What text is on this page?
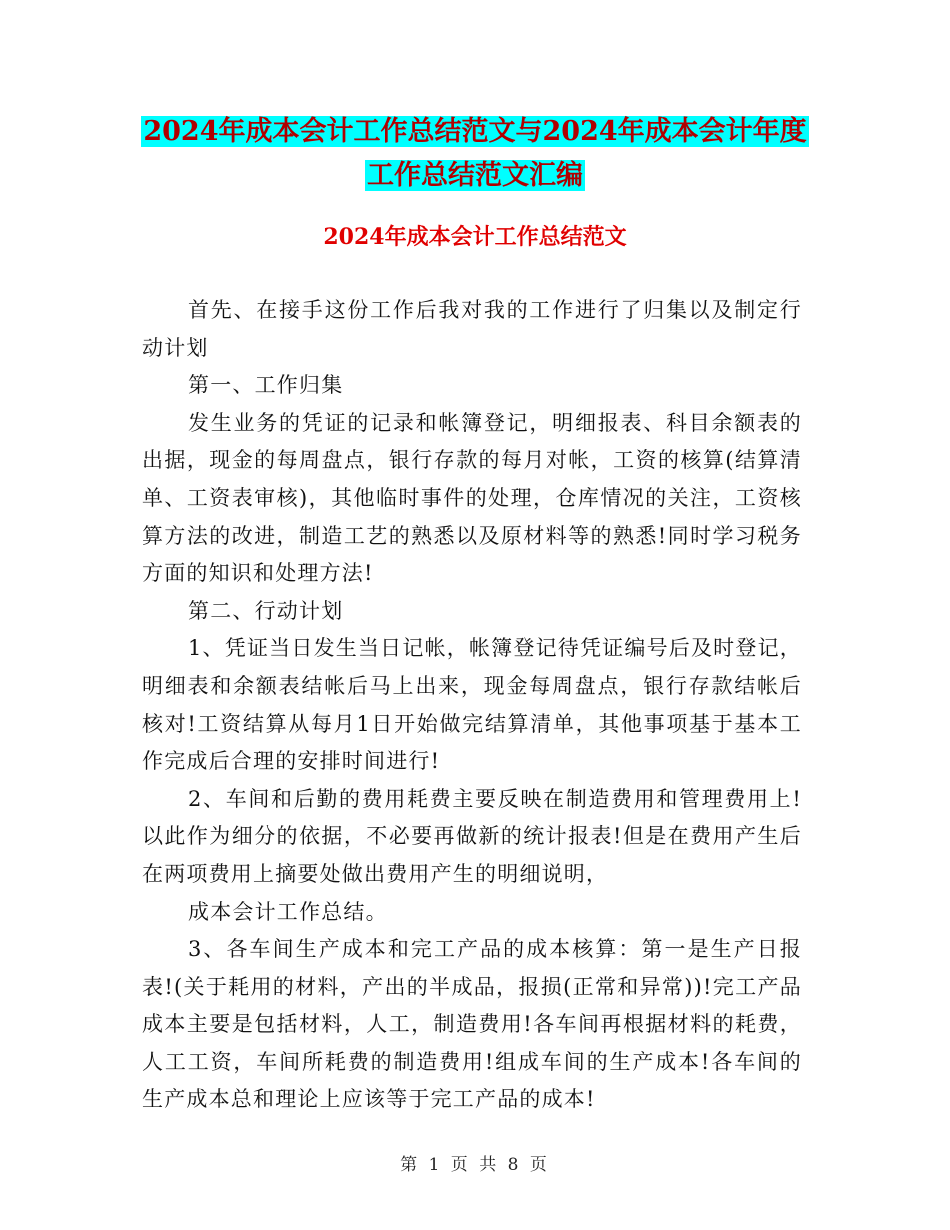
2024年成本会计工作总结范文与2024年成本会计年度
工作总结范文汇编
2024年成本会计工作总结范文

首先、在接手这份工作后我对我的工作进行了归集以及制定行动计划

第一、工作归集

发生业务的凭证的记录和帐簿登记，明细报表、科目余额表的出据，现金的每周盘点，银行存款的每月对帐，工资的核算(结算清单、工资表审核)，其他临时事件的处理，仓库情况的关注，工资核算方法的改进，制造工艺的熟悉以及原材料等的熟悉!同时学习税务方面的知识和处理方法!

第二、行动计划

1、凭证当日发生当日记帐，帐簿登记待凭证编号后及时登记，明细表和余额表结帐后马上出来，现金每周盘点，银行存款结帐后核对!工资结算从每月1日开始做完结算清单，其他事项基于基本工作完成后合理的安排时间进行!

2、车间和后勤的费用耗费主要反映在制造费用和管理费用上!以此作为细分的依据，不必要再做新的统计报表!但是在费用产生后在两项费用上摘要处做出费用产生的明细说明，

成本会计工作总结。

3、各车间生产成本和完工产品的成本核算：第一是生产日报表!(关于耗用的材料，产出的半成品，报损(正常和异常))!完工产品成本主要是包括材料，人工，制造费用!各车间再根据材料的耗费，人工工资，车间所耗费的制造费用!组成车间的生产成本!各车间的生产成本总和理论上应该等于完工产品的成本!

第 1 页 共 8 页
